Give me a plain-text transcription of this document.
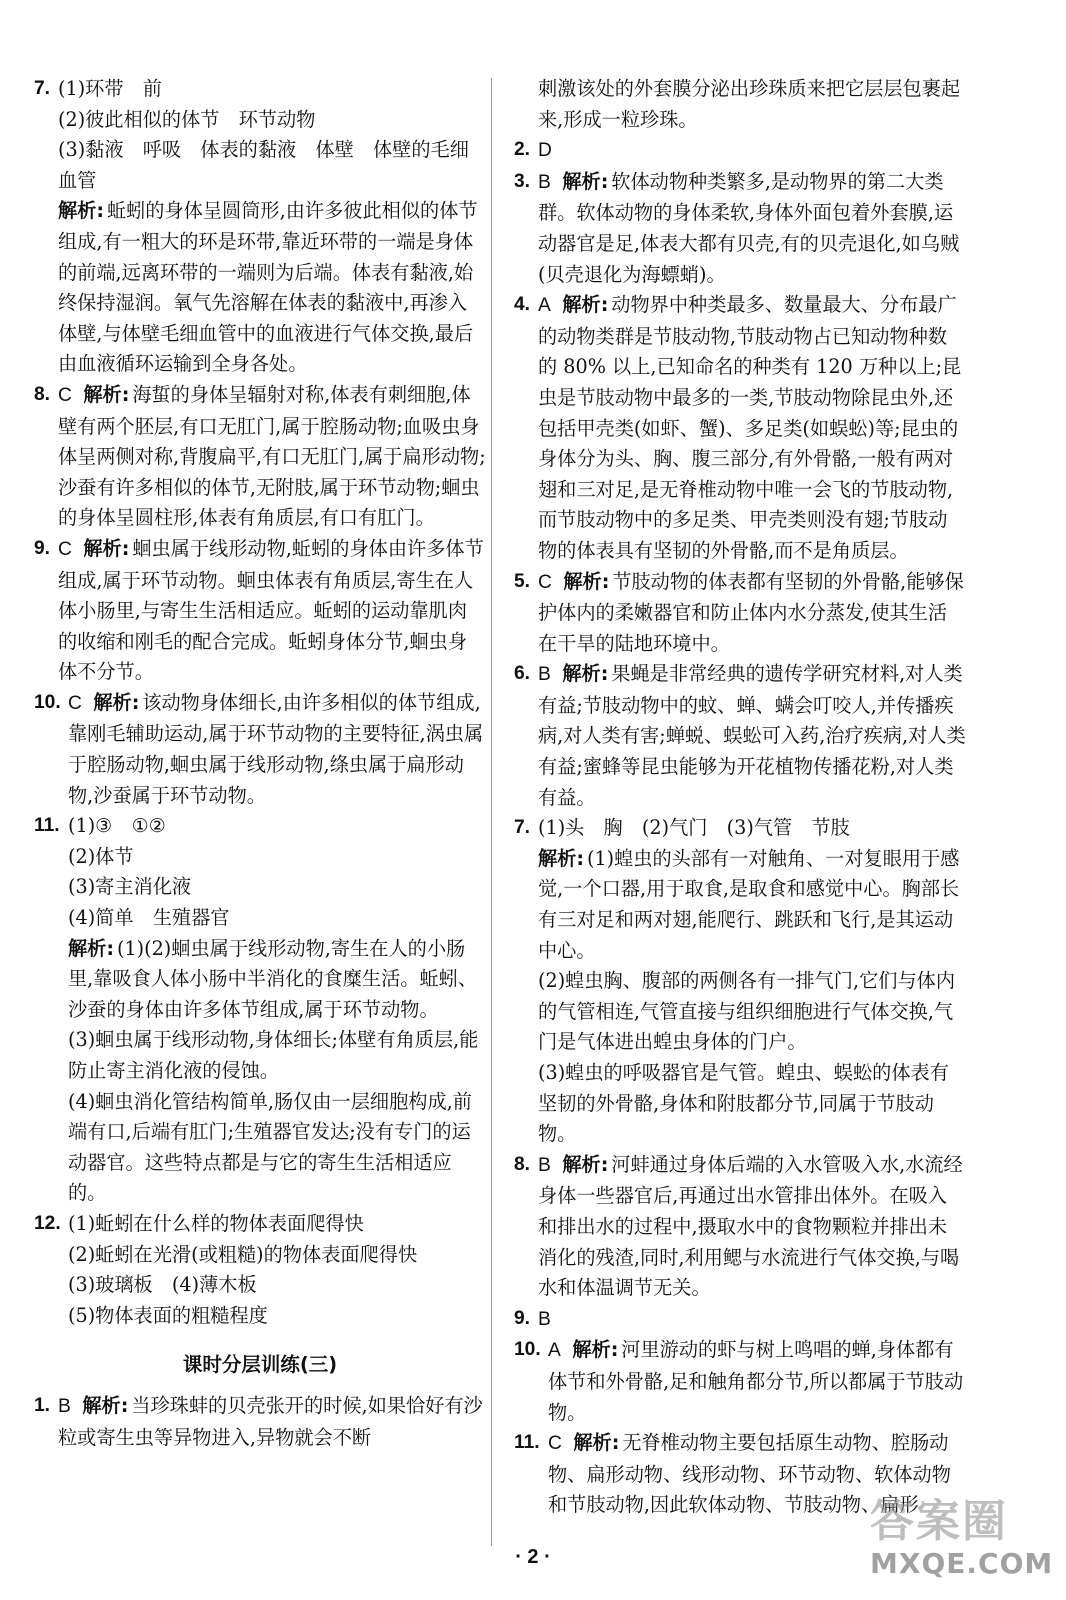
7. (1)环带　前
(2)彼此相似的体节　环节动物
(3)黏液　呼吸　体表的黏液　体壁　体壁的毛细血管
解析: 蚯蚓的身体呈圆筒形,由许多彼此相似的体节组成,有一粗大的环是环带,靠近环带的一端是身体的前端,远离环带的一端则为后端。体表有黏液,始终保持湿润。氧气先溶解在体表的黏液中,再渗入体壁,与体壁毛细血管中的血液进行气体交换,最后由血液循环运输到全身各处。
8. C 解析: 海蜇的身体呈辐射对称,体表有刺细胞,体壁有两个胚层,有口无肛门,属于腔肠动物;血吸虫身体呈两侧对称,背腹扁平,有口无肛门,属于扁形动物;沙蚕有许多相似的体节,无附肢,属于环节动物;蛔虫的身体呈圆柱形,体表有角质层,有口有肛门。
9. C 解析: 蛔虫属于线形动物,蚯蚓的身体由许多体节组成,属于环节动物。蛔虫体表有角质层,寄生在人体小肠里,与寄生生活相适应。蚯蚓的运动靠肌肉的收缩和刚毛的配合完成。蚯蚓身体分节,蛔虫身体不分节。
10. C 解析: 该动物身体细长,由许多相似的体节组成,靠刚毛辅助运动,属于环节动物的主要特征,涡虫属于腔肠动物,蛔虫属于线形动物,绦虫属于扁形动物,沙蚕属于环节动物。
11. (1)③　①②
(2)体节
(3)寄主消化液
(4)简单　生殖器官
解析: (1)(2)蛔虫属于线形动物,寄生在人的小肠里,靠吸食人体小肠中半消化的食糜生活。蚯蚓、沙蚕的身体由许多体节组成,属于环节动物。
(3)蛔虫属于线形动物,身体细长;体壁有角质层,能防止寄主消化液的侵蚀。
(4)蛔虫消化管结构简单,肠仅由一层细胞构成,前端有口,后端有肛门;生殖器官发达;没有专门的运动器官。这些特点都是与它的寄生生活相适应的。
12. (1)蚯蚓在什么样的物体表面爬得快
(2)蚯蚓在光滑(或粗糙)的物体表面爬得快
(3)玻璃板　(4)薄木板
(5)物体表面的粗糙程度
课时分层训练(三)
1. B 解析: 当珍珠蚌的贝壳张开的时候,如果恰好有沙粒或寄生虫等异物进入,异物就会不断
刺激该处的外套膜分泌出珍珠质来把它层层包裹起来,形成一粒珍珠。
2. D
3. B 解析: 软体动物种类繁多,是动物界的第二大类群。软体动物的身体柔软,身体外面包着外套膜,运动器官是足,体表大都有贝壳,有的贝壳退化,如乌贼(贝壳退化为海螵蛸)。
4. A 解析: 动物界中种类最多、数量最大、分布最广的动物类群是节肢动物,节肢动物占已知动物种数的 80% 以上,已知命名的种类有 120 万种以上;昆虫是节肢动物中最多的一类,节肢动物除昆虫外,还包括甲壳类(如虾、蟹)、多足类(如蜈蚣)等;昆虫的身体分为头、胸、腹三部分,有外骨骼,一般有两对翅和三对足,是无脊椎动物中唯一会飞的节肢动物,而节肢动物中的多足类、甲壳类则没有翅;节肢动物的体表具有坚韧的外骨骼,而不是角质层。
5. C 解析: 节肢动物的体表都有坚韧的外骨骼,能够保护体内的柔嫩器官和防止体内水分蒸发,使其生活在干旱的陆地环境中。
6. B 解析: 果蝇是非常经典的遗传学研究材料,对人类有益;节肢动物中的蚊、蝉、螨会叮咬人,并传播疾病,对人类有害;蝉蜕、蜈蚣可入药,治疗疾病,对人类有益;蜜蜂等昆虫能够为开花植物传播花粉,对人类有益。
7. (1)头　胸　(2)气门　(3)气管　节肢
解析: (1)蝗虫的头部有一对触角、一对复眼用于感觉,一个口器,用于取食,是取食和感觉中心。胸部长有三对足和两对翅,能爬行、跳跃和飞行,是其运动中心。
(2)蝗虫胸、腹部的两侧各有一排气门,它们与体内的气管相连,气管直接与组织细胞进行气体交换,气门是气体进出蝗虫身体的门户。
(3)蝗虫的呼吸器官是气管。蝗虫、蜈蚣的体表有坚韧的外骨骼,身体和附肢都分节,同属于节肢动物。
8. B 解析: 河蚌通过身体后端的入水管吸入水,水流经身体一些器官后,再通过出水管排出体外。在吸入和排出水的过程中,摄取水中的食物颗粒并排出未消化的残渣,同时,利用鳃与水流进行气体交换,与喝水和体温调节无关。
9. B
10. A 解析: 河里游动的虾与树上鸣唱的蝉,身体都有体节和外骨骼,足和触角都分节,所以都属于节肢动物。
11. C 解析: 无脊椎动物主要包括原生动物、腔肠动物、扁形动物、线形动物、环节动物、软体动物和节肢动物,因此软体动物、节肢动物、扁形
· 2 ·
答案圈
MXQE.COM
